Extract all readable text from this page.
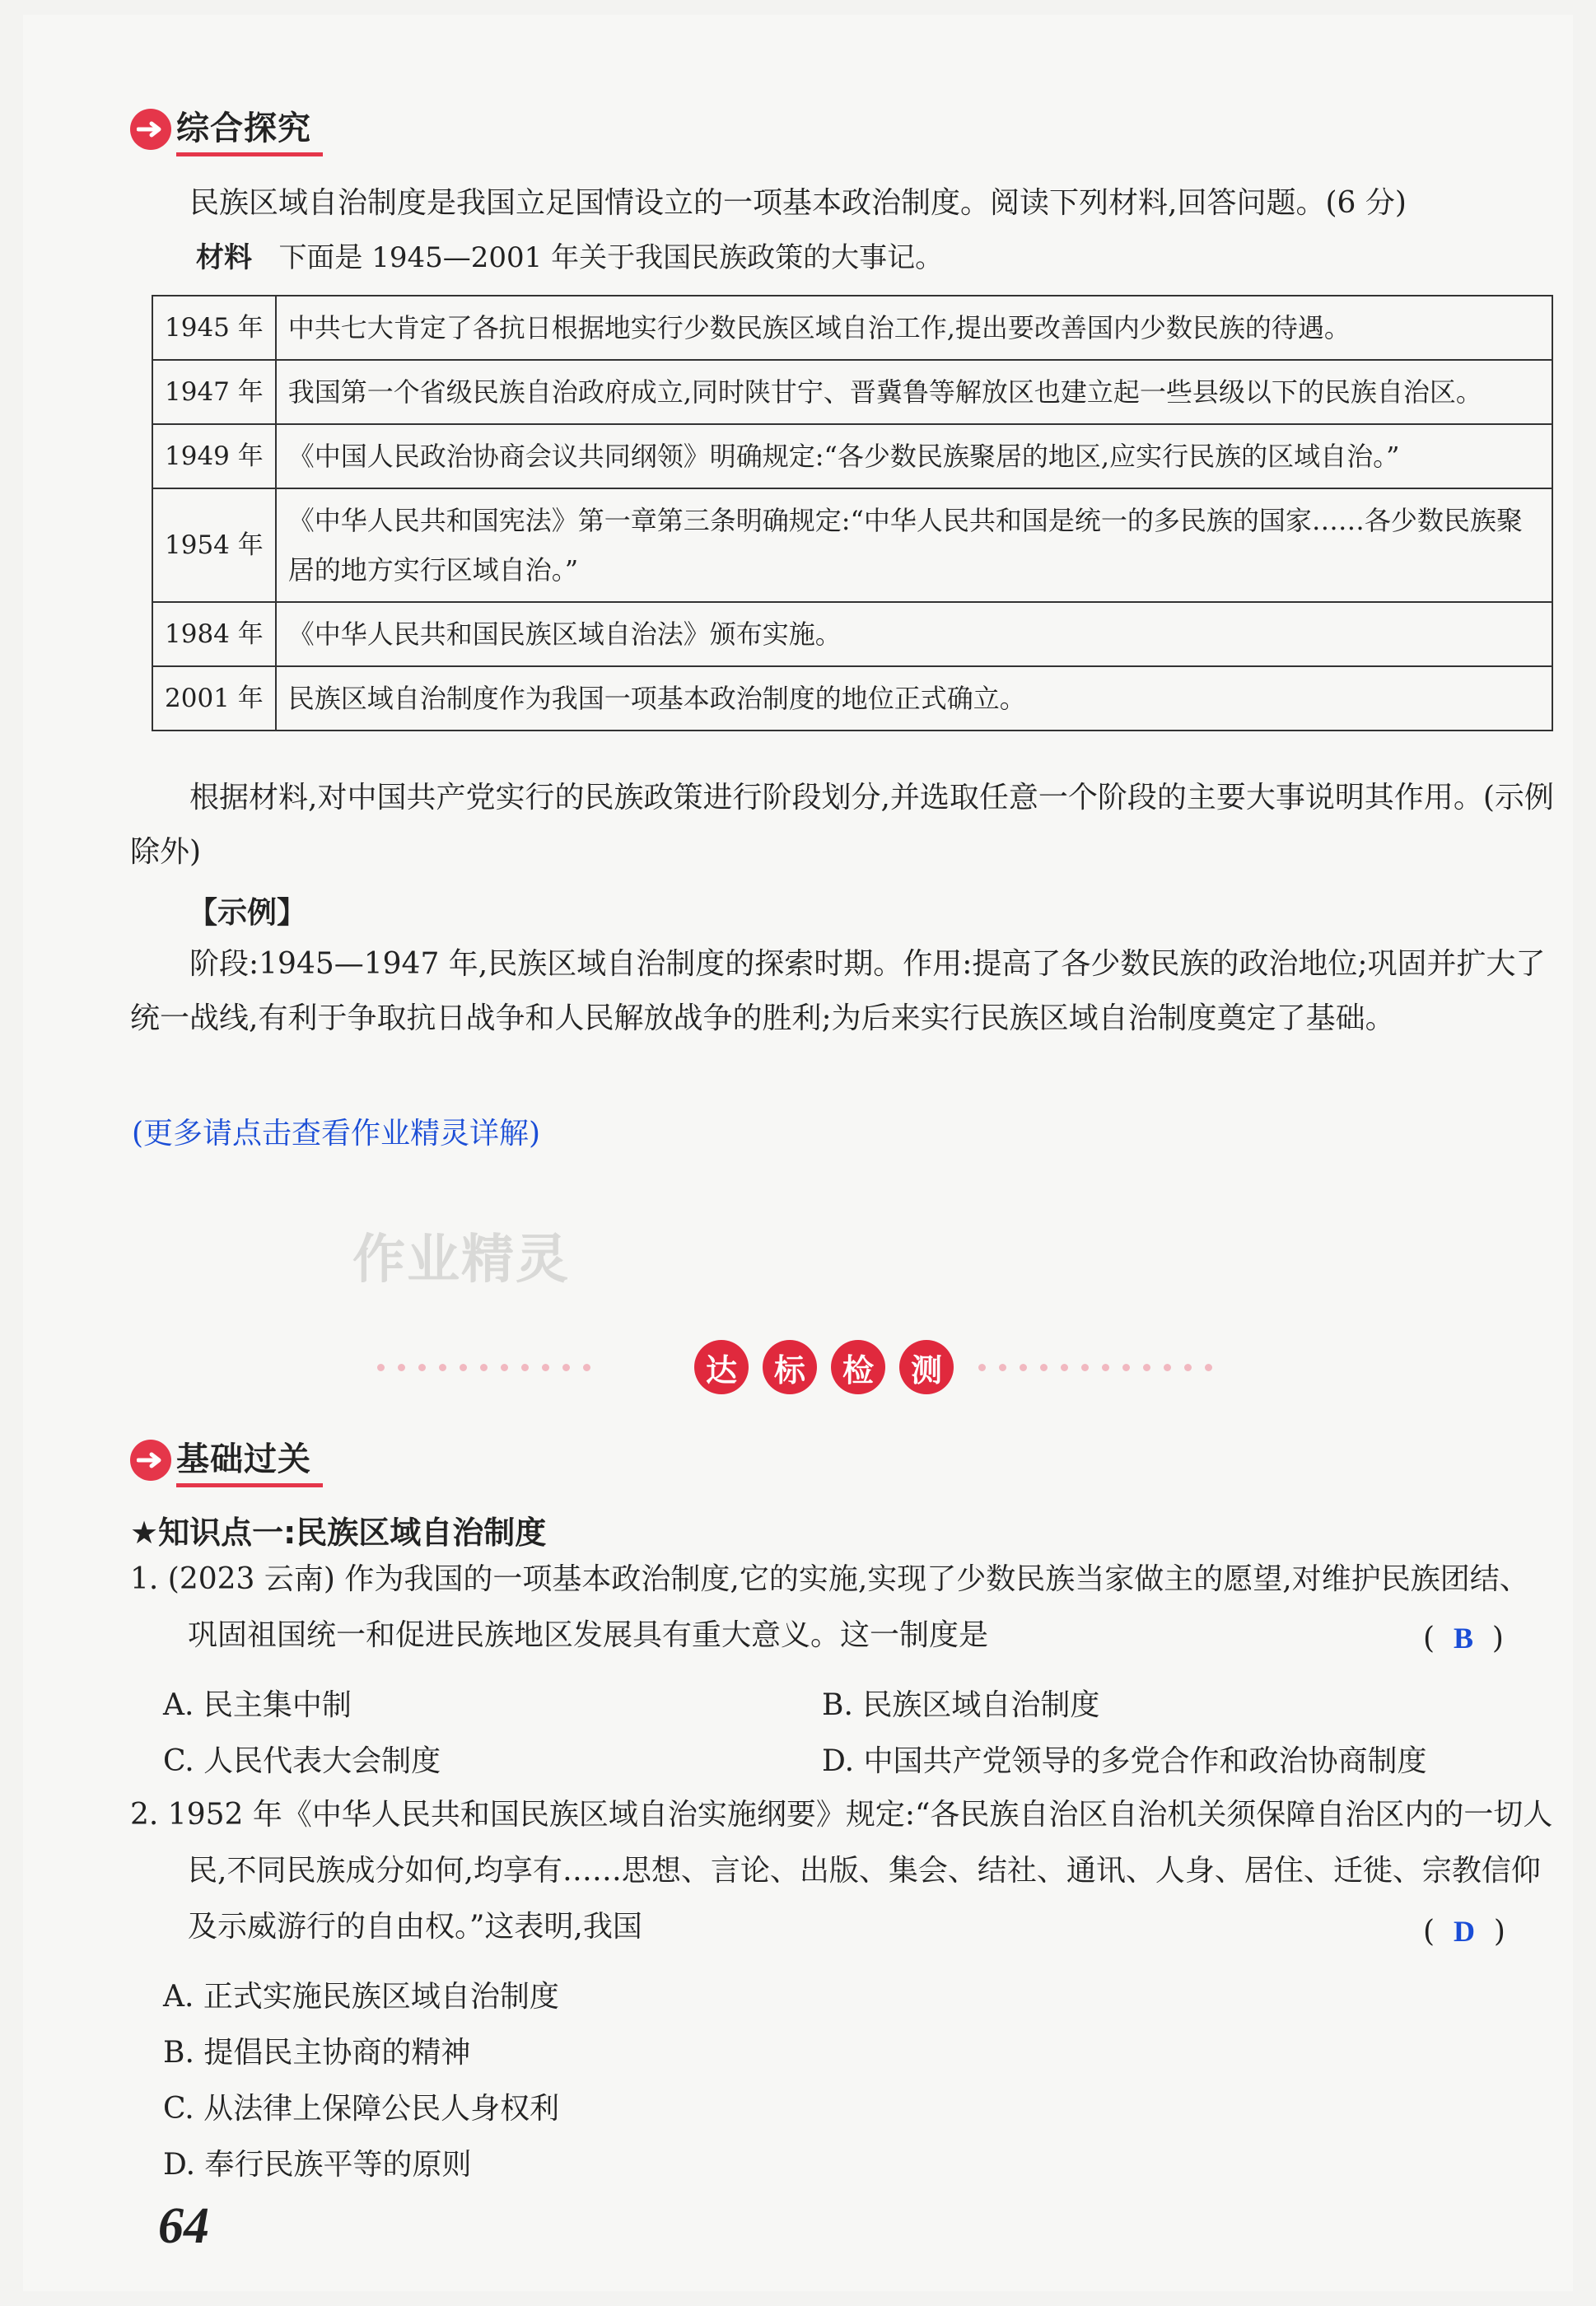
综合探究
民族区域自治制度是我国立足国情设立的一项基本政治制度。阅读下列材料,回答问题。(6 分)
材料 下面是 1945—2001 年关于我国民族政策的大事记。
1945 年	中共七大肯定了各抗日根据地实行少数民族区域自治工作,提出要改善国内少数民族的待遇。
1947 年	我国第一个省级民族自治政府成立,同时陕甘宁、晋冀鲁等解放区也建立起一些县级以下的民族自治区。
1949 年	《中国人民政治协商会议共同纲领》明确规定:“各少数民族聚居的地区,应实行民族的区域自治。”
1954 年	《中华人民共和国宪法》第一章第三条明确规定:“中华人民共和国是统一的多民族的国家……各少数民族聚居的地方实行区域自治。”
1984 年	《中华人民共和国民族区域自治法》颁布实施。
2001 年	民族区域自治制度作为我国一项基本政治制度的地位正式确立。
根据材料,对中国共产党实行的民族政策进行阶段划分,并选取任意一个阶段的主要大事说明其作用。(示例除外)
【示例】
阶段:1945—1947 年,民族区域自治制度的探索时期。作用:提高了各少数民族的政治地位;巩固并扩大了统一战线,有利于争取抗日战争和人民解放战争的胜利;为后来实行民族区域自治制度奠定了基础。
(更多请点击查看作业精灵详解)
作业精灵
达	标	检	测
基础过关
★知识点一:民族区域自治制度
1. (2023 云南) 作为我国的一项基本政治制度,它的实施,实现了少数民族当家做主的愿望,对维护民族团结、巩固祖国统一和促进民族地区发展具有重大意义。这一制度是	(  B  )
A. 民主集中制	B. 民族区域自治制度
C. 人民代表大会制度	D. 中国共产党领导的多党合作和政治协商制度
2. 1952 年《中华人民共和国民族区域自治实施纲要》规定:“各民族自治区自治机关须保障自治区内的一切人民,不同民族成分如何,均享有……思想、言论、出版、集会、结社、通讯、人身、居住、迁徙、宗教信仰及示威游行的自由权。”这表明,我国	(  D  )
A. 正式实施民族区域自治制度
B. 提倡民主协商的精神
C. 从法律上保障公民人身权利
D. 奉行民族平等的原则
64
